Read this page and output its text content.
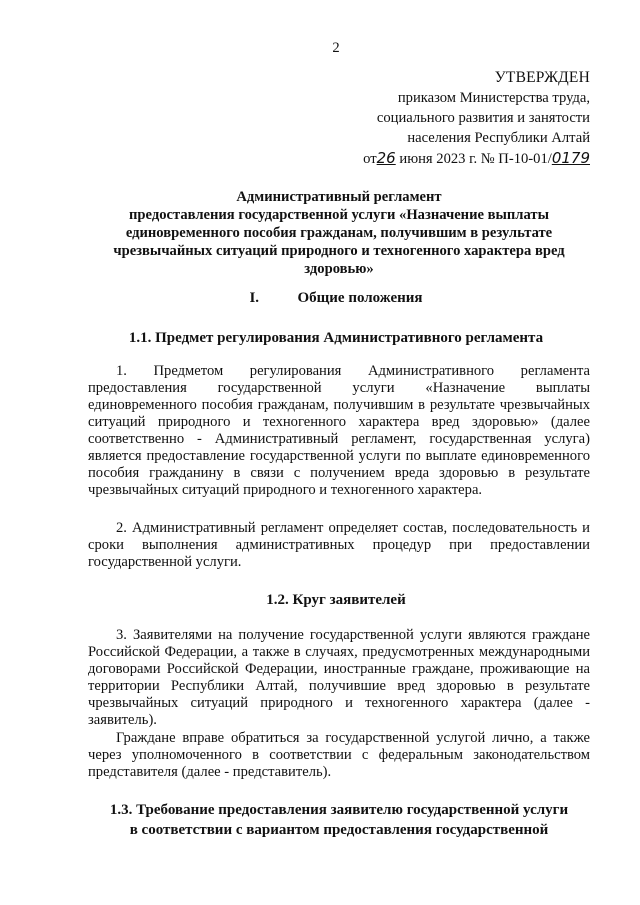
2
УТВЕРЖДЕН
приказом Министерства труда,
социального развития и занятости
населения Республики Алтай
от26 июня 2023 г. № П-10-01/0179
Административный регламент
предоставления государственной услуги «Назначение выплаты
единовременного пособия гражданам, получившим в результате
чрезвычайных ситуаций природного и техногенного характера вред
здоровью»
I.	Общие положения
1.1. Предмет регулирования Административного регламента
1. Предметом регулирования Административного регламента предоставления государственной услуги «Назначение выплаты единовременного пособия гражданам, получившим в результате чрезвычайных ситуаций природного и техногенного характера вред здоровью» (далее соответственно - Административный регламент, государственная услуга) является предоставление государственной услуги по выплате единовременного пособия гражданину в связи с получением вреда здоровью в результате чрезвычайных ситуаций природного и техногенного характера.
2. Административный регламент определяет состав, последовательность и сроки выполнения административных процедур при предоставлении государственной услуги.
1.2. Круг заявителей
3. Заявителями на получение государственной услуги являются граждане Российской Федерации, а также в случаях, предусмотренных международными договорами Российской Федерации, иностранные граждане, проживающие на территории Республики Алтай, получившие вред здоровью в результате чрезвычайных ситуаций природного и техногенного характера (далее - заявитель).
Граждане вправе обратиться за государственной услугой лично, а также через уполномоченного в соответствии с федеральным законодательством представителя (далее - представитель).
1.3. Требование предоставления заявителю государственной услуги
в соответствии с вариантом предоставления государственной
